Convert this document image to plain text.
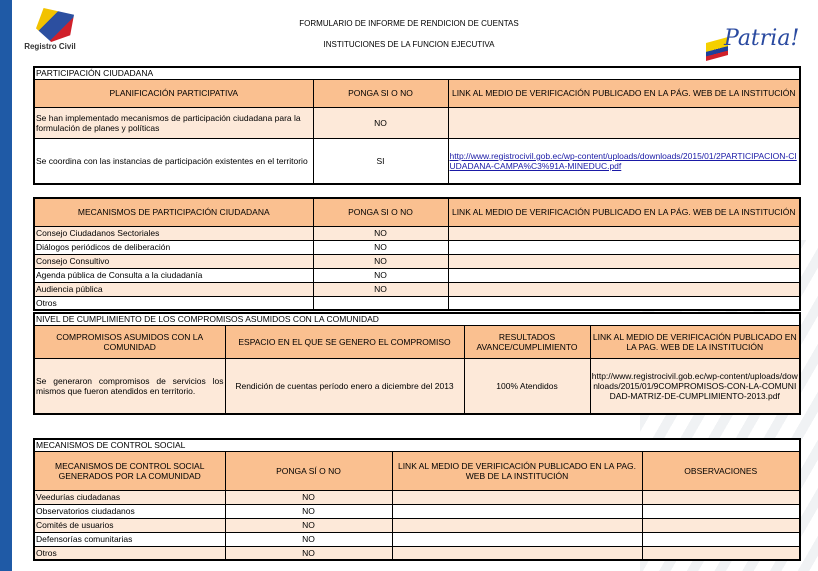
Registro Civil	Patria!
FORMULARIO DE INFORME DE RENDICION DE CUENTAS
INSTITUCIONES DE LA FUNCION EJECUTIVA
PARTICIPACIÓN CIUDADANA		
PLANIFICACIÓN PARTICIPATIVA	PONGA SI O NO	LINK AL MEDIO DE VERIFICACIÓN PUBLICADO EN LA PÁG. WEB DE LA INSTITUCIÓN
Se han implementado mecanismos de participación ciudadana para la formulación de planes y políticas	NO	
Se coordina con las instancias de participación existentes en el territorio	SI	http://www.registrocivil.gob.ec/wp-content/uploads/downloads/2015/01/2PARTICIPACION-CIUDADANA-CAMPA%C3%91A-MINEDUC.pdf
MECANISMOS DE PARTICIPACIÓN CIUDADANA	PONGA SI O NO	LINK AL MEDIO DE VERIFICACIÓN PUBLICADO EN LA PÁG. WEB DE LA INSTITUCIÓN
Consejo Ciudadanos Sectoriales	NO	
Diálogos periódicos de deliberación	NO	
Consejo Consultivo	NO	
Agenda pública de Consulta a la ciudadanía	NO	
Audiencia pública	NO	
Otros		
NIVEL DE CUMPLIMIENTO DE LOS COMPROMISOS ASUMIDOS CON LA COMUNIDAD			
COMPROMISOS ASUMIDOS CON LA COMUNIDAD	ESPACIO EN EL QUE SE GENERO EL COMPROMISO	RESULTADOS AVANCE/CUMPLIMIENTO	LINK AL MEDIO DE VERIFICACIÓN PUBLICADO EN LA PAG. WEB DE LA INSTITUCIÓN
Se generaron compromisos de servicios los mismos que fueron atendidos en territorio.	Rendición de cuentas período enero a diciembre del 2013	100% Atendidos	http://www.registrocivil.gob.ec/wp-content/uploads/downloads/2015/01/9COMPROMISOS-CON-LA-COMUNIDAD-MATRIZ-DE-CUMPLIMIENTO-2013.pdf
MECANISMOS DE CONTROL SOCIAL			
MECANISMOS DE CONTROL SOCIAL GENERADOS POR LA COMUNIDAD	PONGA SÍ O NO	LINK AL MEDIO DE VERIFICACIÓN PUBLICADO EN LA PAG. WEB DE LA INSTITUCIÓN	OBSERVACIONES
Veedurías ciudadanas	NO		
Observatorios ciudadanos	NO		
Comités de usuarios	NO		
Defensorías comunitarias	NO		
Otros	NO		
